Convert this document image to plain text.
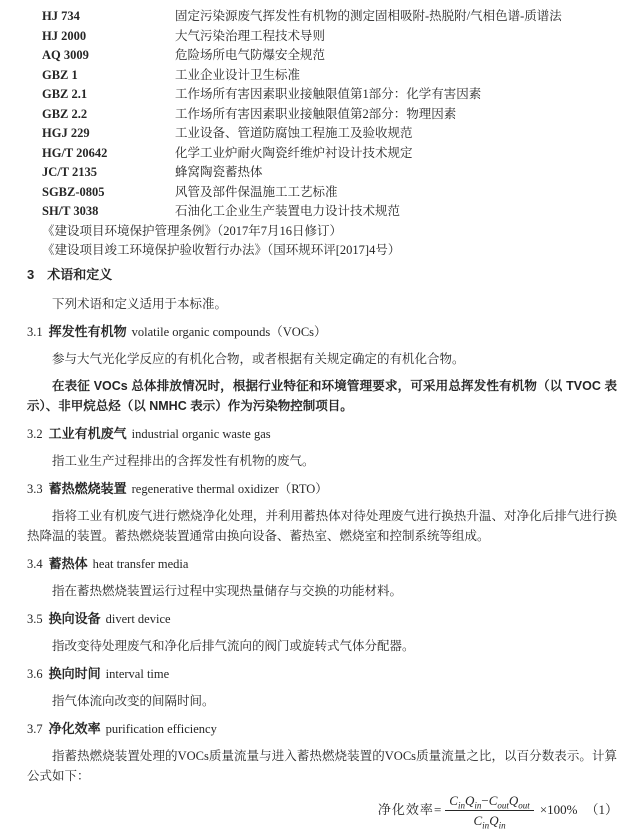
HJ 734	固定污染源废气挥发性有机物的测定固相吸附-热脱附/气相色谱-质谱法
HJ 2000	大气污染治理工程技术导则
AQ 3009	危险场所电气防爆安全规范
GBZ 1	工业企业设计卫生标准
GBZ 2.1	工作场所有害因素职业接触限值第1部分：化学有害因素
GBZ 2.2	工作场所有害因素职业接触限值第2部分：物理因素
HGJ 229	工业设备、管道防腐蚀工程施工及验收规范
HG/T 20642	化学工业炉耐火陶瓷纤维炉衬设计技术规定
JC/T 2135	蜂窝陶瓷蓄热体
SGBZ-0805	风管及部件保温施工工艺标准
SH/T 3038	石油化工企业生产装置电力设计技术规范
《建设项目环境保护管理条例》（2017年7月16日修订）
《建设项目竣工环境保护验收暂行办法》（国环规环评[2017]4号）
3 术语和定义

下列术语和定义适用于本标准。

3.1 挥发性有机物 volatile organic compounds（VOCs）

参与大气光化学反应的有机化合物，或者根据有关规定确定的有机化合物。

在表征 VOCs 总体排放情况时，根据行业特征和环境管理要求，可采用总挥发性有机物（以 TVOC 表示）、非甲烷总烃（以 NMHC 表示）作为污染物控制项目。

3.2 工业有机废气 industrial organic waste gas

指工业生产过程排出的含挥发性有机物的废气。

3.3 蓄热燃烧装置 regenerative thermal oxidizer（RTO）

指将工业有机废气进行燃烧净化处理，并利用蓄热体对待处理废气进行换热升温、对净化后排气进行换热降温的装置。蓄热燃烧装置通常由换向设备、蓄热室、燃烧室和控制系统等组成。

3.4 蓄热体 heat transfer media

指在蓄热燃烧装置运行过程中实现热量储存与交换的功能材料。

3.5 换向设备 divert device

指改变待处理废气和净化后排气流向的阀门或旋转式气体分配器。

3.6 换向时间 interval time

指气体流向改变的间隔时间。

3.7 净化效率 purification efficiency

指蓄热燃烧装置处理的VOCs质量流量与进入蓄热燃烧装置的VOCs质量流量之比，以百分数表示。计算公式如下：

净化效率 = $\frac{C_{in}Q_{in}-C_{out}Q_{out}}{C_{in}Q_{in}} \times 100\%$ （1）
